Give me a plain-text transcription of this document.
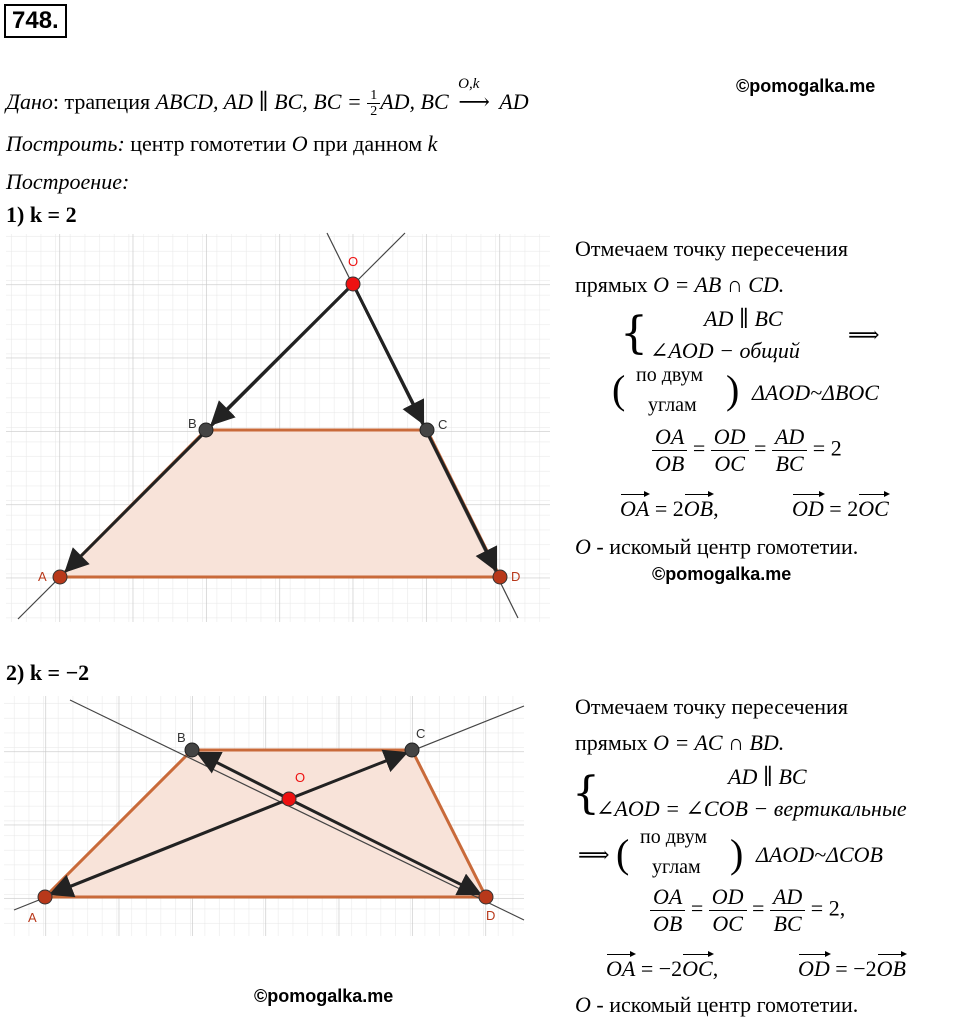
748.
©pomogalka.me
©pomogalka.me
©pomogalka.me
Дано: трапеция ABCD, AD ∥ BC, BC = $\frac{1}{2}$ AD, BC
O,k
⟶ AD
Построить: центр гомотетии O при данном k
Построение:
1) k = 2
O
B	C
A	D
Отмечаем точку пересечения
прямых O = AB ∩ CD.
{	AD ∥ BC
∠AOD − общий
⟹
( по двум
углам ) ΔAOD~ΔBOC
$\frac{OA}{OB} = \frac{OD}{OC} = \frac{AD}{BC} = 2$
OA = 2OB,	OD = 2OC
O - искомый центр гомотетии.
2) k = −2
O
B	C
A	D
Отмечаем точку пересечения
прямых O = AC ∩ BD.
{	AD ∥ BC
∠AOD = ∠COB − вертикальные
⟹ ( по двум
углам ) ΔAOD~ΔCOB
$\frac{OA}{OB} = \frac{OD}{OC} = \frac{AD}{BC} = 2$,
OA = −2OC,	OD = −2OB
O - искомый центр гомотетии.
